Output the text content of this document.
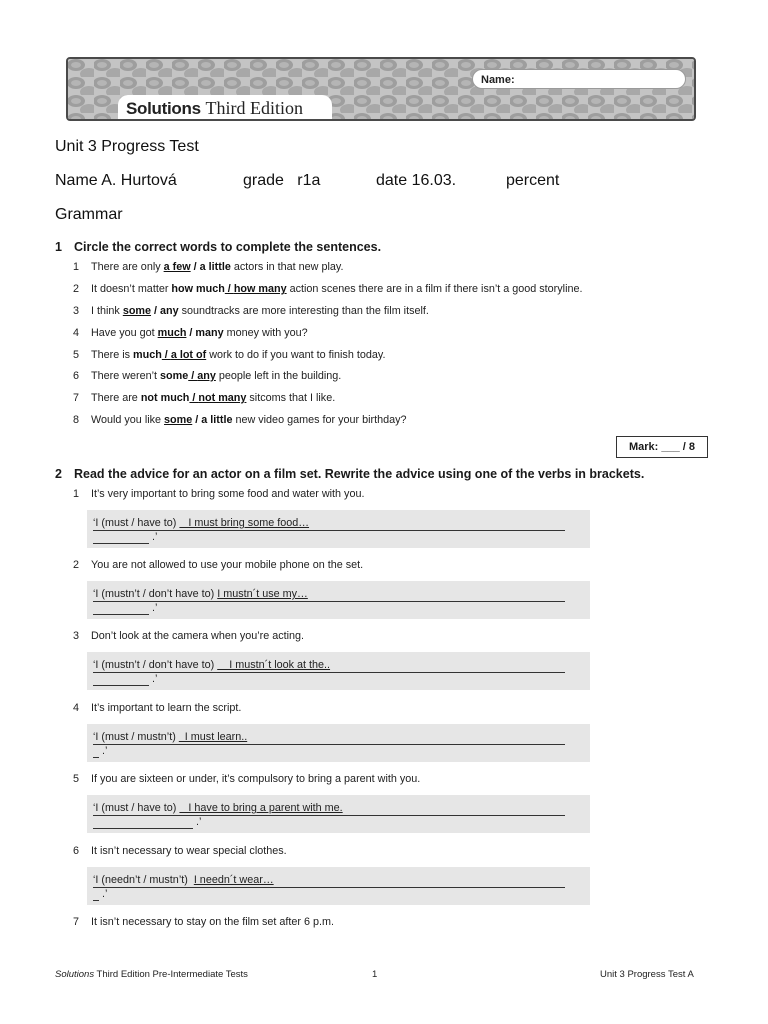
Name:
Solutions Third Edition
Unit 3 Progress Test
Name A. Hurtová	grade   r1a	date 16.03.	percent
Grammar
1 Circle the correct words to complete the sentences.
1 There are only a few / a little actors in that new play.
2 It doesn’t matter how much / how many action scenes there are in a film if there isn’t a good storyline.
3 I think some / any soundtracks are more interesting than the film itself.
4 Have you got much / many money with you?
5 There is much / a lot of work to do if you want to finish today.
6 There weren’t some / any people left in the building.
7 There are not much / not many sitcoms that I like.
8 Would you like some / a little new video games for your birthday?
Mark: ___ / 8
2 Read the advice for an actor on a film set. Rewrite the advice using one of the verbs in brackets.
1 It’s very important to bring some food and water with you.
‘I (must / have to)    I must bring some food…
.’
2 You are not allowed to use your mobile phone on the set.
‘I (mustn’t / don’t have to) I mustn´t use my…
.’
3 Don’t look at the camera when you’re acting.
‘I (mustn’t / don’t have to)     I mustn´t look at the..
.’
4 It’s important to learn the script.
‘I (must / mustn’t)   I must learn..
.’
5 If you are sixteen or under, it’s compulsory to bring a parent with you.
‘I (must / have to)    I have to bring a parent with me.
.’
6 It isn’t necessary to wear special clothes.
‘I (needn’t / mustn’t)  I needn´t wear…
.’
7 It isn’t necessary to stay on the film set after 6 p.m.
Solutions Third Edition Pre-Intermediate Tests	1	Unit 3 Progress Test A
